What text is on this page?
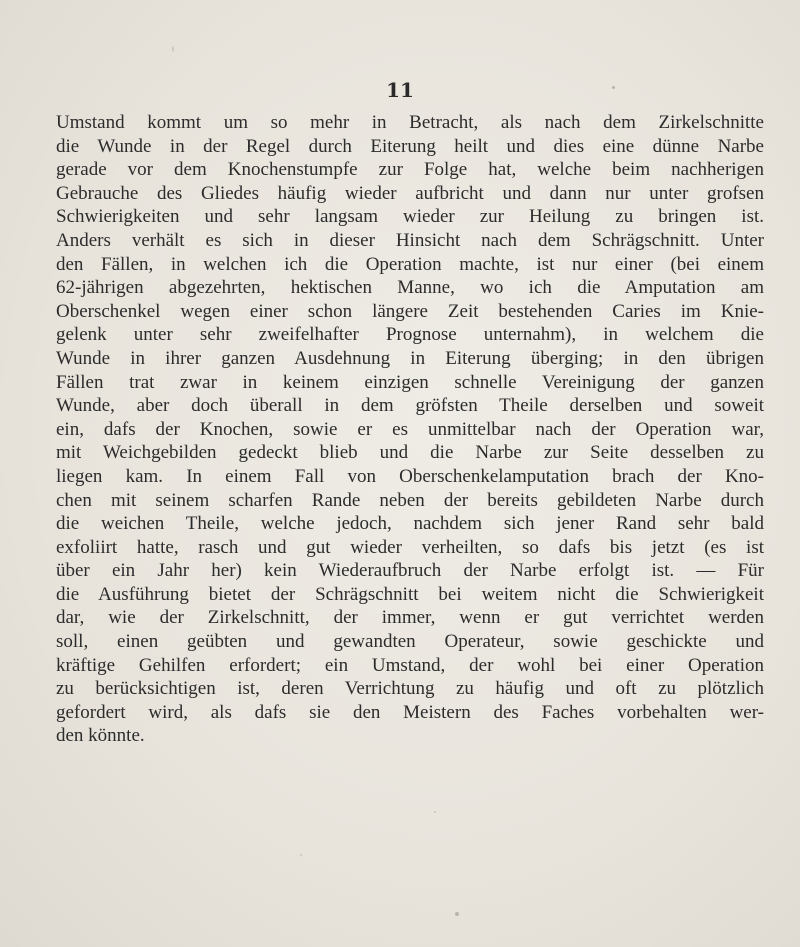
11
Umstand kommt um so mehr in Betracht, als nach dem Zirkelschnitte
die Wunde in der Regel durch Eiterung heilt und dies eine dünne Narbe
gerade vor dem Knochenstumpfe zur Folge hat, welche beim nachherigen
Gebrauche des Gliedes häufig wieder aufbricht und dann nur unter grofsen
Schwierigkeiten und sehr langsam wieder zur Heilung zu bringen ist.
Anders verhält es sich in dieser Hinsicht nach dem Schrägschnitt. Unter
den Fällen, in welchen ich die Operation machte, ist nur einer (bei einem
62-jährigen abgezehrten, hektischen Manne, wo ich die Amputation am
Oberschenkel wegen einer schon längere Zeit bestehenden Caries im Knie-
gelenk unter sehr zweifelhafter Prognose unternahm), in welchem die
Wunde in ihrer ganzen Ausdehnung in Eiterung überging; in den übrigen
Fällen trat zwar in keinem einzigen schnelle Vereinigung der ganzen
Wunde, aber doch überall in dem gröfsten Theile derselben und soweit
ein, dafs der Knochen, sowie er es unmittelbar nach der Operation war,
mit Weichgebilden gedeckt blieb und die Narbe zur Seite desselben zu
liegen kam. In einem Fall von Oberschenkelamputation brach der Kno-
chen mit seinem scharfen Rande neben der bereits gebildeten Narbe durch
die weichen Theile, welche jedoch, nachdem sich jener Rand sehr bald
exfoliirt hatte, rasch und gut wieder verheilten, so dafs bis jetzt (es ist
über ein Jahr her) kein Wiederaufbruch der Narbe erfolgt ist. — Für
die Ausführung bietet der Schrägschnitt bei weitem nicht die Schwierigkeit
dar, wie der Zirkelschnitt, der immer, wenn er gut verrichtet werden
soll, einen geübten und gewandten Operateur, sowie geschickte und
kräftige Gehilfen erfordert; ein Umstand, der wohl bei einer Operation
zu berücksichtigen ist, deren Verrichtung zu häufig und oft zu plötzlich
gefordert wird, als dafs sie den Meistern des Faches vorbehalten wer-
den könnte.
